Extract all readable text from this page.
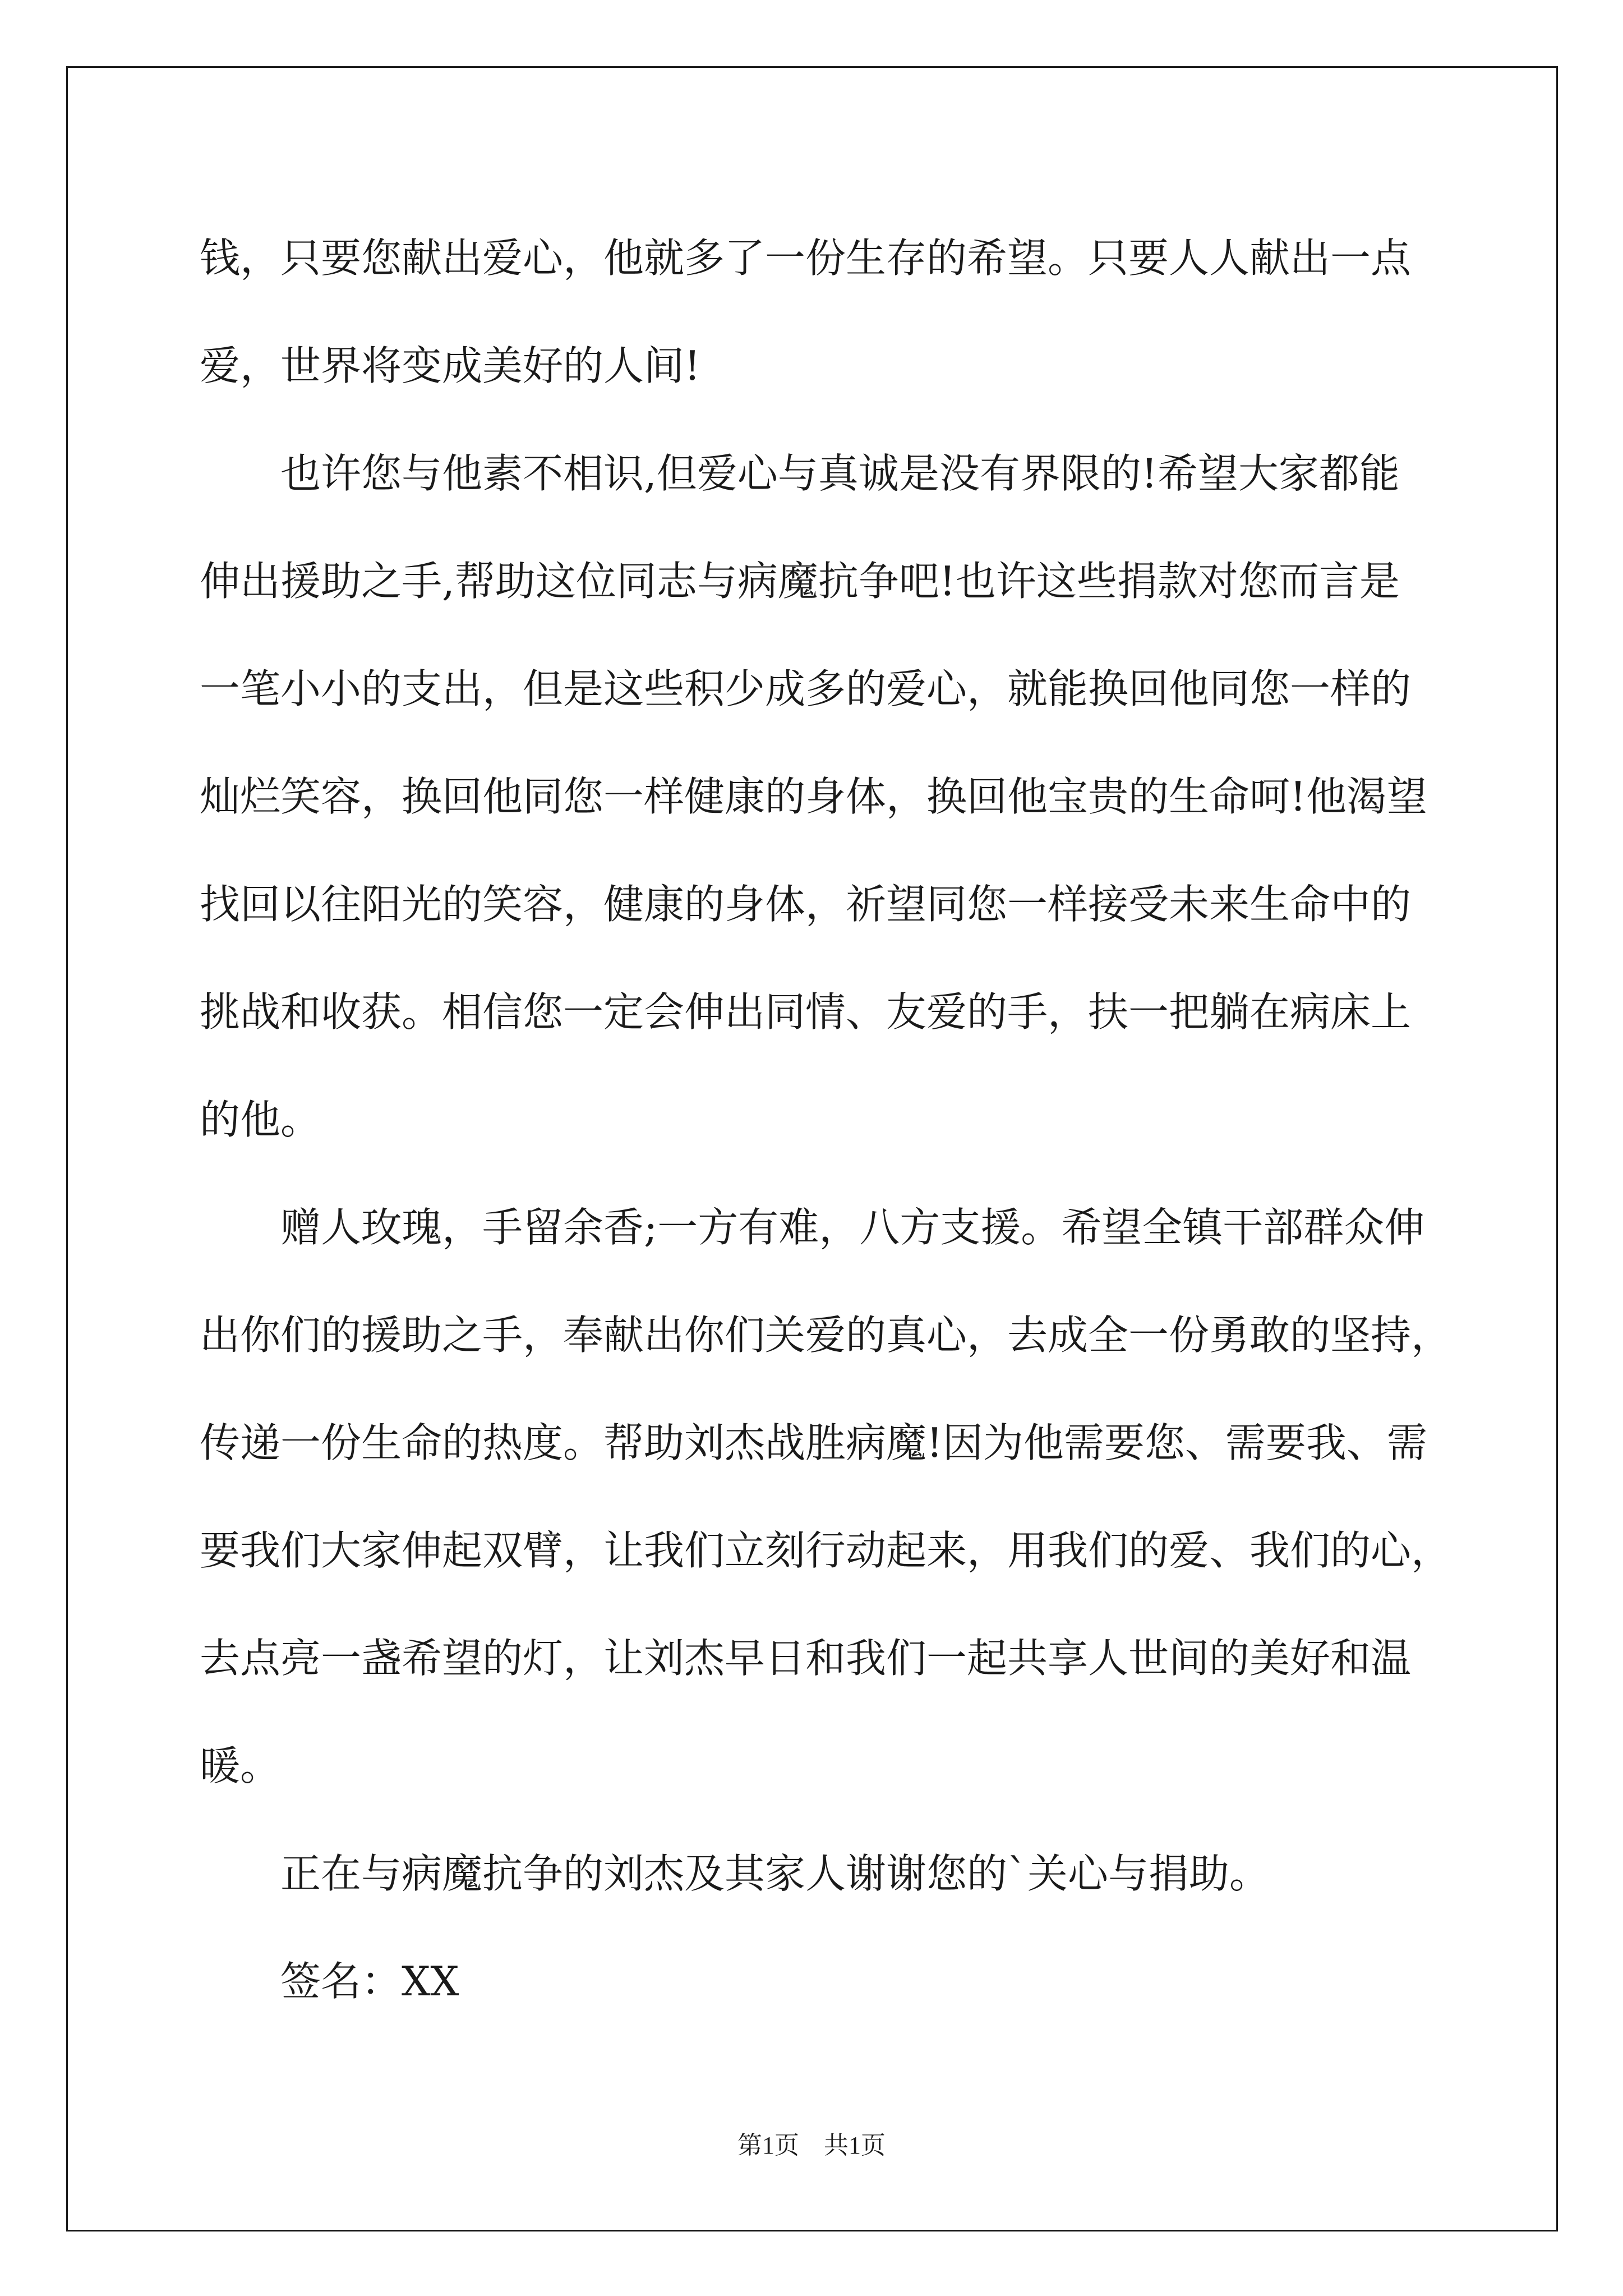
钱，只要您献出爱心，他就多了一份生存的希望。只要人人献出一点
爱，世界将变成美好的人间!
也许您与他素不相识,但爱心与真诚是没有界限的!希望大家都能
伸出援助之手,帮助这位同志与病魔抗争吧!也许这些捐款对您而言是
一笔小小的支出，但是这些积少成多的爱心，就能换回他同您一样的
灿烂笑容，换回他同您一样健康的身体，换回他宝贵的生命呵!他渴望
找回以往阳光的笑容，健康的身体，祈望同您一样接受未来生命中的
挑战和收获。相信您一定会伸出同情、友爱的手，扶一把躺在病床上
的他。
赠人玫瑰，手留余香;一方有难，八方支援。希望全镇干部群众伸
出你们的援助之手，奉献出你们关爱的真心，去成全一份勇敢的坚持，
传递一份生命的热度。帮助刘杰战胜病魔!因为他需要您、需要我、需
要我们大家伸起双臂，让我们立刻行动起来，用我们的爱、我们的心，
去点亮一盏希望的灯，让刘杰早日和我们一起共享人世间的美好和温
暖。
正在与病魔抗争的刘杰及其家人谢谢您的`关心与捐助。
签名：XX
第1页　共1页
